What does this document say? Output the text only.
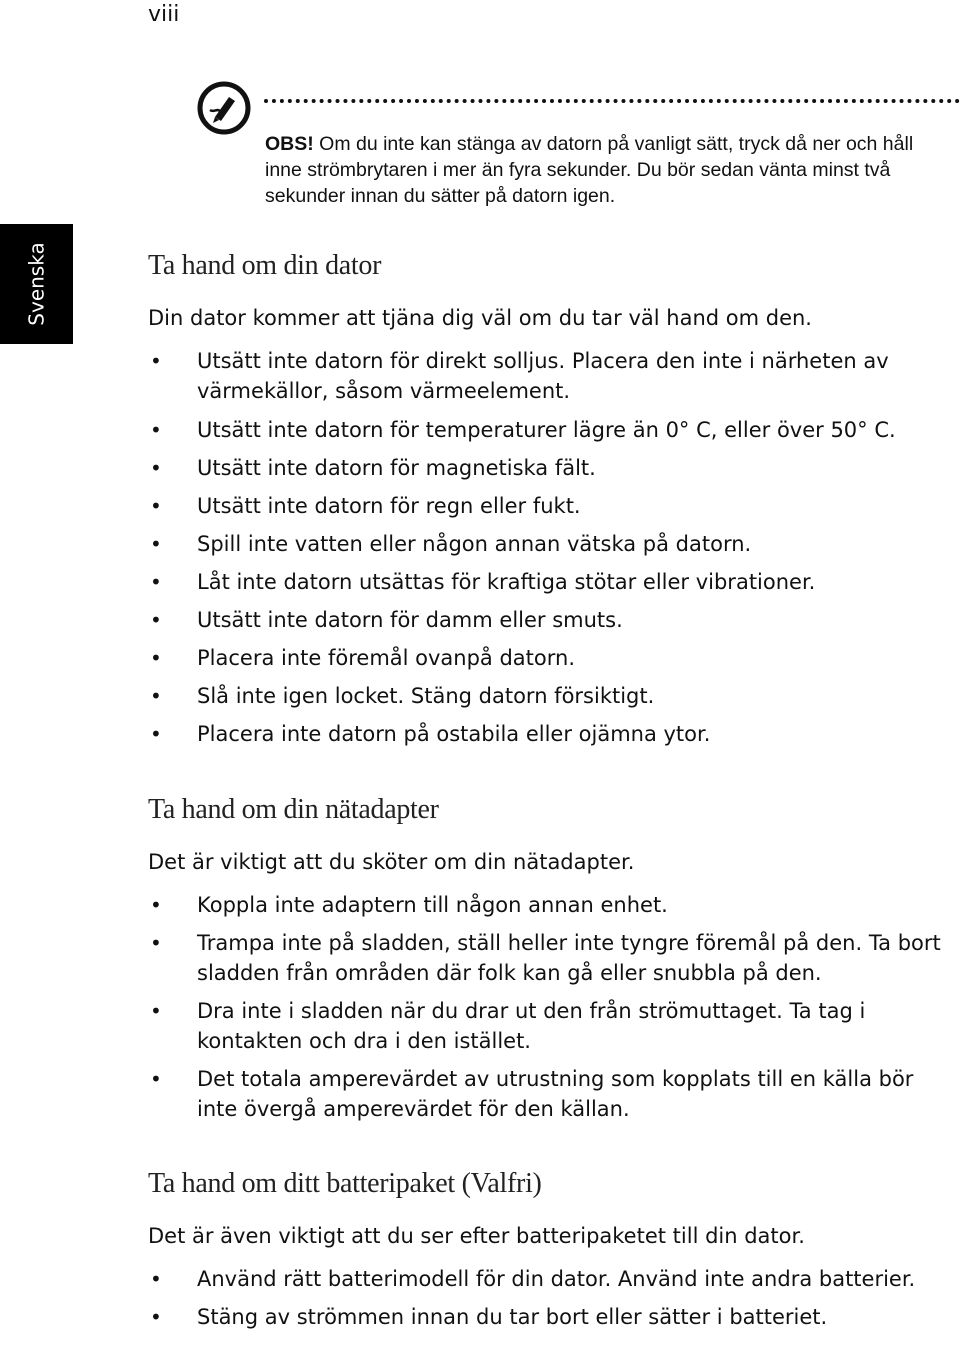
viii
Svenska
OBS! Om du inte kan stänga av datorn på vanligt sätt, tryck då ner och håll inne strömbrytaren i mer än fyra sekunder. Du bör sedan vänta minst två sekunder innan du sätter på datorn igen.
Ta hand om din dator

Din dator kommer att tjäna dig väl om du tar väl hand om den.

• Utsätt inte datorn för direkt solljus. Placera den inte i närheten av värmekällor, såsom värmeelement.
• Utsätt inte datorn för temperaturer lägre än 0° C, eller över 50° C.
• Utsätt inte datorn för magnetiska fält.
• Utsätt inte datorn för regn eller fukt.
• Spill inte vatten eller någon annan vätska på datorn.
• Låt inte datorn utsättas för kraftiga stötar eller vibrationer.
• Utsätt inte datorn för damm eller smuts.
• Placera inte föremål ovanpå datorn.
• Slå inte igen locket. Stäng datorn försiktigt.
• Placera inte datorn på ostabila eller ojämna ytor.
Ta hand om din nätadapter

Det är viktigt att du sköter om din nätadapter.

• Koppla inte adaptern till någon annan enhet.
• Trampa inte på sladden, ställ heller inte tyngre föremål på den. Ta bort sladden från områden där folk kan gå eller snubbla på den.
• Dra inte i sladden när du drar ut den från strömuttaget. Ta tag i kontakten och dra i den istället.
• Det totala amperevärdet av utrustning som kopplats till en källa bör inte övergå amperevärdet för den källan.
Ta hand om ditt batteripaket (Valfri)

Det är även viktigt att du ser efter batteripaketet till din dator.

• Använd rätt batterimodell för din dator. Använd inte andra batterier.
• Stäng av strömmen innan du tar bort eller sätter i batteriet.
